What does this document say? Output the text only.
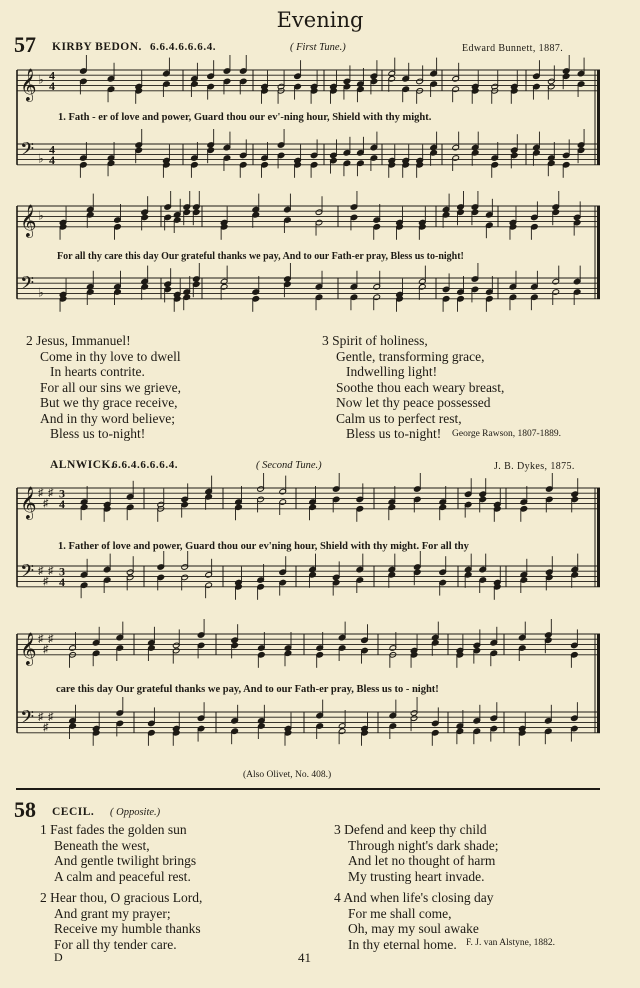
Evening
57 KIRBY BEDON. 6.6.4.6.6.6.4.	( First Tune.)	Edward Bunnett, 1887.
𝄞 ♭ 4
4
𝄢 ♭
4
4
1. Fath - er of love and power, Guard thou our ev'-ning hour, Shield with thy might.
𝄞 ♭
𝄢 ♭
For all thy care this day Our grateful thanks we pay, And to our Fath-er pray, Bless us to-night!
2 Jesus, Immanuel!
Come in thy love to dwell
In hearts contrite.
For all our sins we grieve,
But we thy grace receive,
And in thy word believe;
Bless us to-night!
3 Spirit of holiness,
Gentle, transforming grace,
Indwelling light!
Soothe thou each weary breast,
Now let thy peace possessed
Calm us to perfect rest,
Bless us to-night!	George Rawson, 1807-1889.
ALNWICK.
6.6.4.6.6.6.4.	( Second Tune.)	J. B. Dykes, 1875.
𝄞 ♯
♯
♯ 3
4
𝄢 ♯
♯
♯ 3
4
1. Father of love and power, Guard thou our ev'ning hour, Shield with thy might. For all thy
𝄞 ♯
♯
♯
𝄢 ♯
♯
♯
care this day Our grateful thanks we pay, And to our Fath-er pray, Bless us to - night!
(Also Olivet, No. 408.)
58 CECIL. ( Opposite.)
1 Fast fades the golden sun
Beneath the west,
And gentle twilight brings
A calm and peaceful rest.
2 Hear thou, O gracious Lord,
And grant my prayer;
Receive my humble thanks
For all thy tender care.
3 Defend and keep thy child
Through night's dark shade;
And let no thought of harm
My trusting heart invade.
4 And when life's closing day
For me shall come,
Oh, may my soul awake
In thy eternal home. F. J. van Alstyne, 1882.
D	41
